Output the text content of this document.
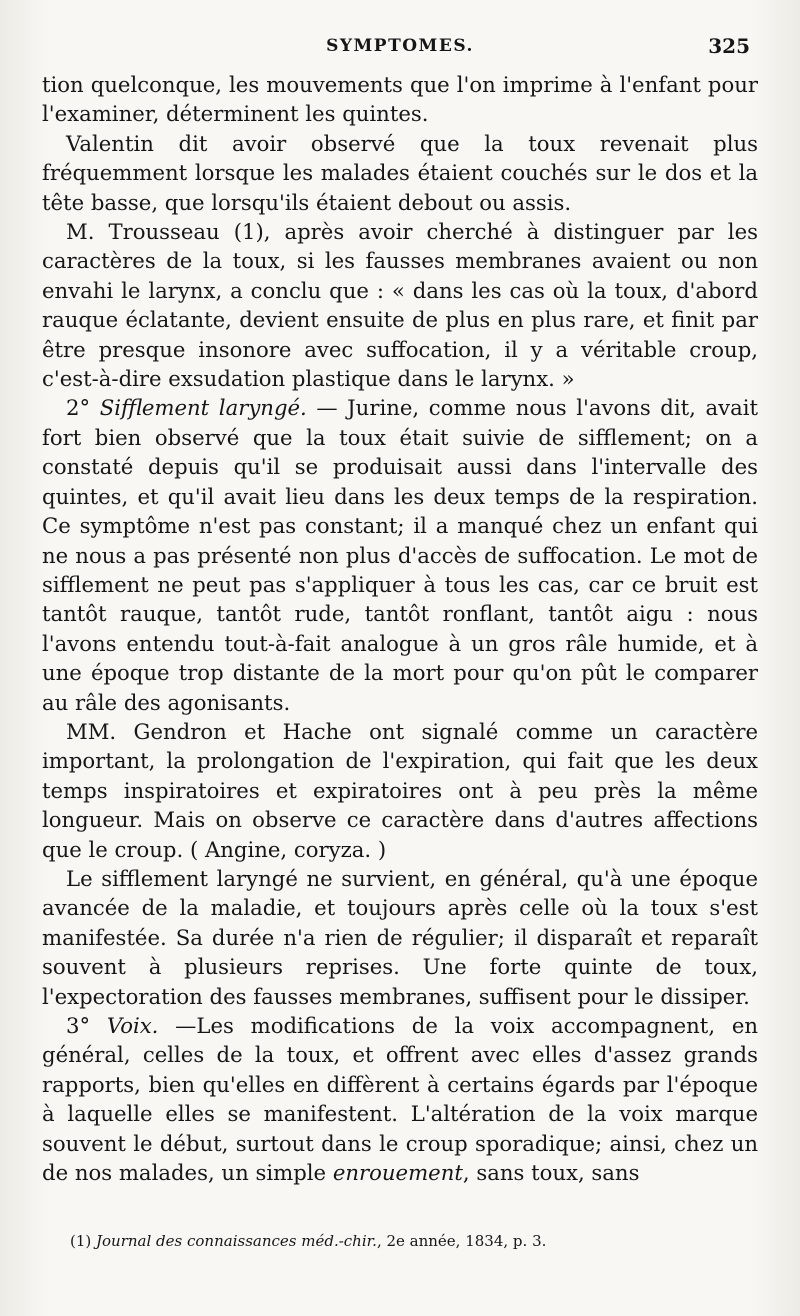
SYMPTOMES.	325

tion quelconque, les mouvements que l'on imprime à l'enfant pour l'examiner, déterminent les quintes.

Valentin dit avoir observé que la toux revenait plus fréquemment lorsque les malades étaient couchés sur le dos et la tête basse, que lorsqu'ils étaient debout ou assis.

M. Trousseau (1), après avoir cherché à distinguer par les caractères de la toux, si les fausses membranes avaient ou non envahi le larynx, a conclu que : « dans les cas où la toux, d'abord rauque éclatante, devient ensuite de plus en plus rare, et finit par être presque insonore avec suffocation, il y a véritable croup, c'est-à-dire exsudation plastique dans le larynx. »

2° Sifflement laryngé. — Jurine, comme nous l'avons dit, avait fort bien observé que la toux était suivie de sifflement; on a constaté depuis qu'il se produisait aussi dans l'intervalle des quintes, et qu'il avait lieu dans les deux temps de la respiration. Ce symptôme n'est pas constant; il a manqué chez un enfant qui ne nous a pas présenté non plus d'accès de suffocation. Le mot de sifflement ne peut pas s'appliquer à tous les cas, car ce bruit est tantôt rauque, tantôt rude, tantôt ronflant, tantôt aigu : nous l'avons entendu tout-à-fait analogue à un gros râle humide, et à une époque trop distante de la mort pour qu'on pût le comparer au râle des agonisants.

MM. Gendron et Hache ont signalé comme un caractère important, la prolongation de l'expiration, qui fait que les deux temps inspiratoires et expiratoires ont à peu près la même longueur. Mais on observe ce caractère dans d'autres affections que le croup. ( Angine, coryza. )

Le sifflement laryngé ne survient, en général, qu'à une époque avancée de la maladie, et toujours après celle où la toux s'est manifestée. Sa durée n'a rien de régulier; il disparaît et reparaît souvent à plusieurs reprises. Une forte quinte de toux, l'expectoration des fausses membranes, suffisent pour le dissiper.

3° Voix. —Les modifications de la voix accompagnent, en général, celles de la toux, et offrent avec elles d'assez grands rapports, bien qu'elles en diffèrent à certains égards par l'époque à laquelle elles se manifestent. L'altération de la voix marque souvent le début, surtout dans le croup sporadique; ainsi, chez un de nos malades, un simple enrouement, sans toux, sans

(1) Journal des connaissances méd.-chir., 2e année, 1834, p. 3.
